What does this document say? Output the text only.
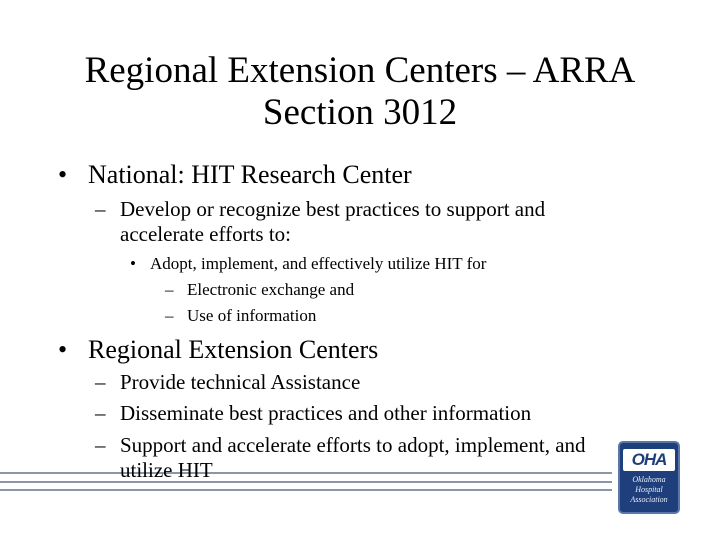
Regional Extension Centers – ARRA
Section 3012
• National: HIT Research Center
– Develop or recognize best practices to support and
accelerate efforts to:
• Adopt, implement, and effectively utilize HIT for
– Electronic exchange and
– Use of information
• Regional Extension Centers
– Provide technical Assistance
– Disseminate best practices and other information
– Support and accelerate efforts to adopt, implement, and
utilize HIT	OHA
Oklahoma
Hospital
Association
